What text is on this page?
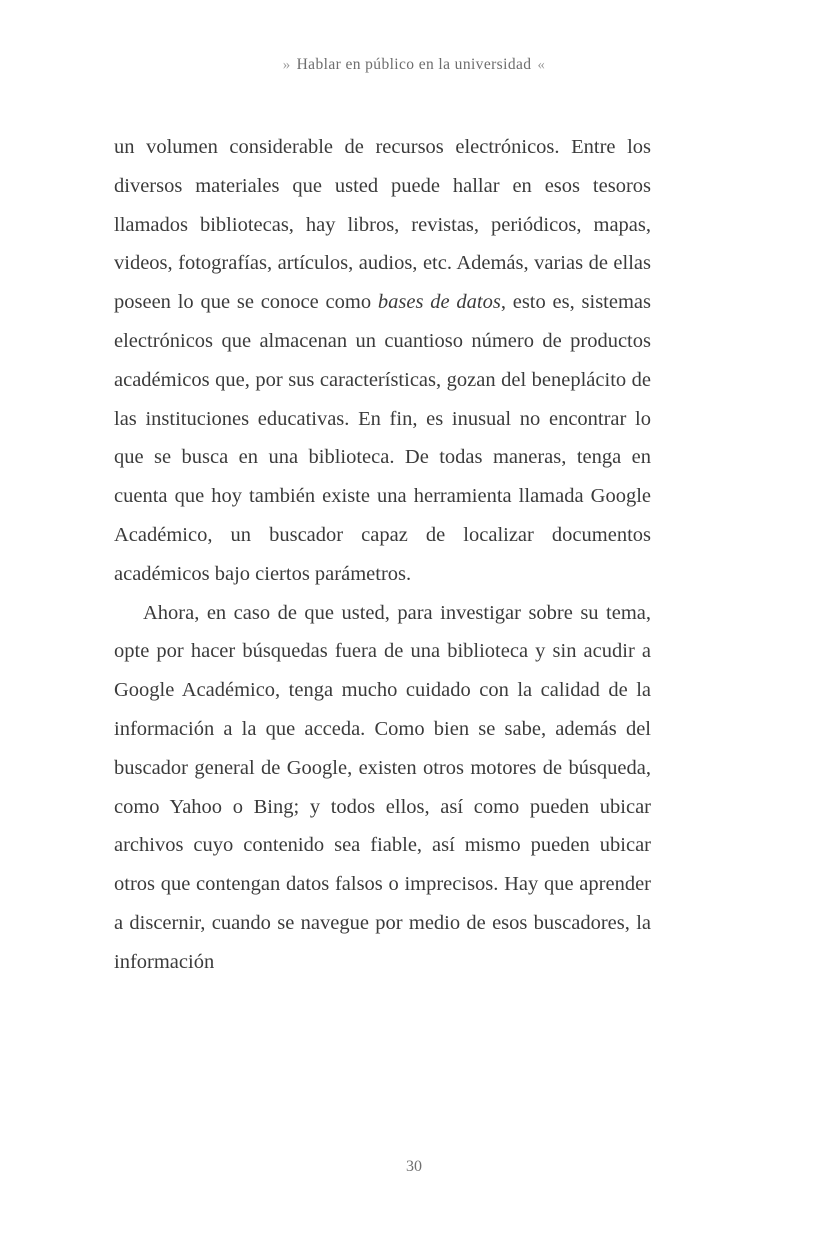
» Hablar en público en la universidad «

un volumen considerable de recursos electrónicos. Entre los diversos materiales que usted puede hallar en esos tesoros llamados bibliotecas, hay libros, revistas, periódicos, mapas, videos, fotografías, artículos, audios, etc. Además, varias de ellas poseen lo que se conoce como bases de datos, esto es, sistemas electrónicos que almacenan un cuantioso número de productos académicos que, por sus características, gozan del beneplácito de las instituciones educativas. En fin, es inusual no encontrar lo que se busca en una biblioteca. De todas maneras, tenga en cuenta que hoy también existe una herramienta llamada Google Académico, un buscador capaz de localizar documentos académicos bajo ciertos parámetros.

Ahora, en caso de que usted, para investigar sobre su tema, opte por hacer búsquedas fuera de una biblioteca y sin acudir a Google Académico, tenga mucho cuidado con la calidad de la información a la que acceda. Como bien se sabe, además del buscador general de Google, existen otros motores de búsqueda, como Yahoo o Bing; y todos ellos, así como pueden ubicar archivos cuyo contenido sea fiable, así mismo pueden ubicar otros que contengan datos falsos o imprecisos. Hay que aprender a discernir, cuando se navegue por medio de esos buscadores, la información

30
